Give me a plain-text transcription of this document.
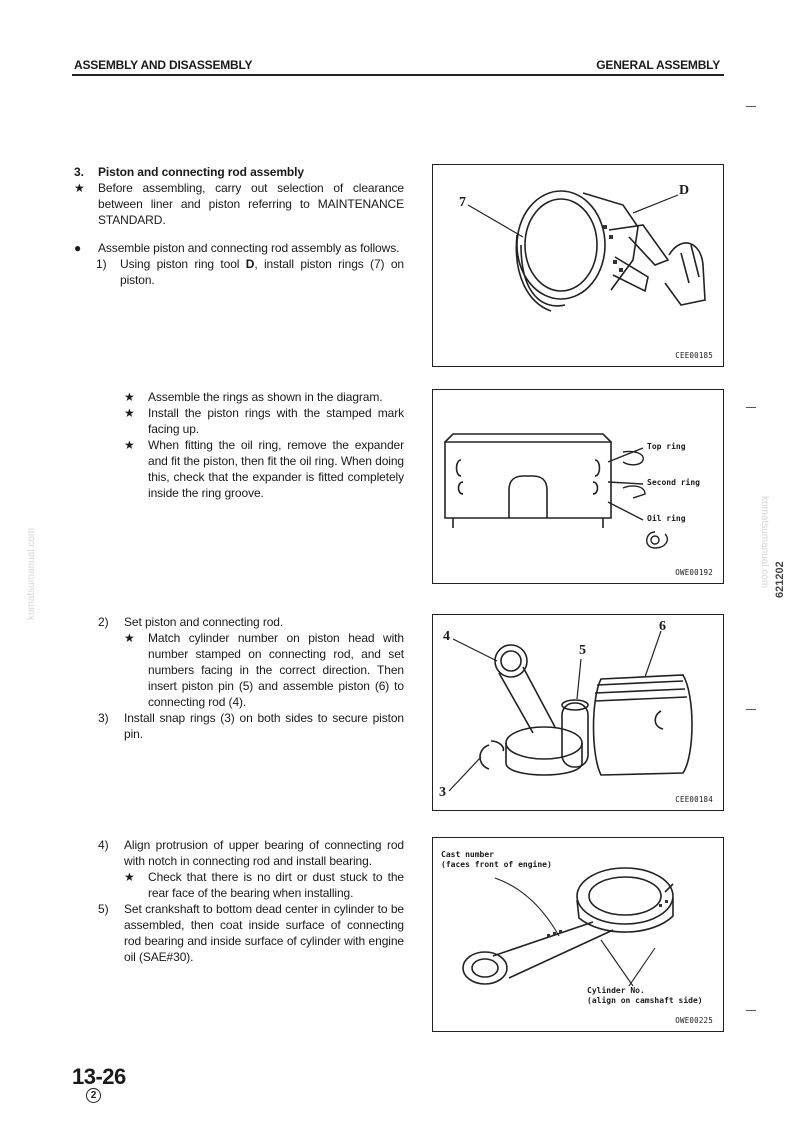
ASSEMBLY AND DISASSEMBLY	GENERAL ASSEMBLY
3.	Piston and connecting rod assembly
★	Before assembling, carry out selection of clearance between liner and piston referring to MAINTENANCE STANDARD.
●	Assemble piston and connecting rod assembly as follows.
1)	Using piston ring tool D, install piston rings (7) on piston.
★	Assemble the rings as shown in the diagram.
★	Install the piston rings with the stamped mark facing up.
★	When fitting the oil ring, remove the expander and fit the piston, then fit the oil ring. When doing this, check that the expander is fitted completely inside the ring groove.
2)	Set piston and connecting rod.
★	Match cylinder number on piston head with number stamped on connecting rod, and set numbers facing in the correct direction. Then insert piston pin (5) and assemble piston (6) to connecting rod (4).
3)	Install snap rings (3) on both sides to secure piston pin.
4)	Align protrusion of upper bearing of connecting rod with notch in connecting rod and install bearing.
★	Check that there is no dirt or dust stuck to the rear face of the bearing when installing.
5)	Set crankshaft to bottom dead center in cylinder to be assembled, then coat inside surface of connecting rod bearing and inside surface of cylinder with engine oil (SAE#30).
7
D
CEE00185
Top ring
Second ring
Oil ring
OWE00192
4
5
6
3	CEE00184
Cast number
(faces front of engine)
Cylinder No.
(align on camshaft side)
OWE00225
13-26
2
komatsumanual.com	komatsumanual.com 621202
